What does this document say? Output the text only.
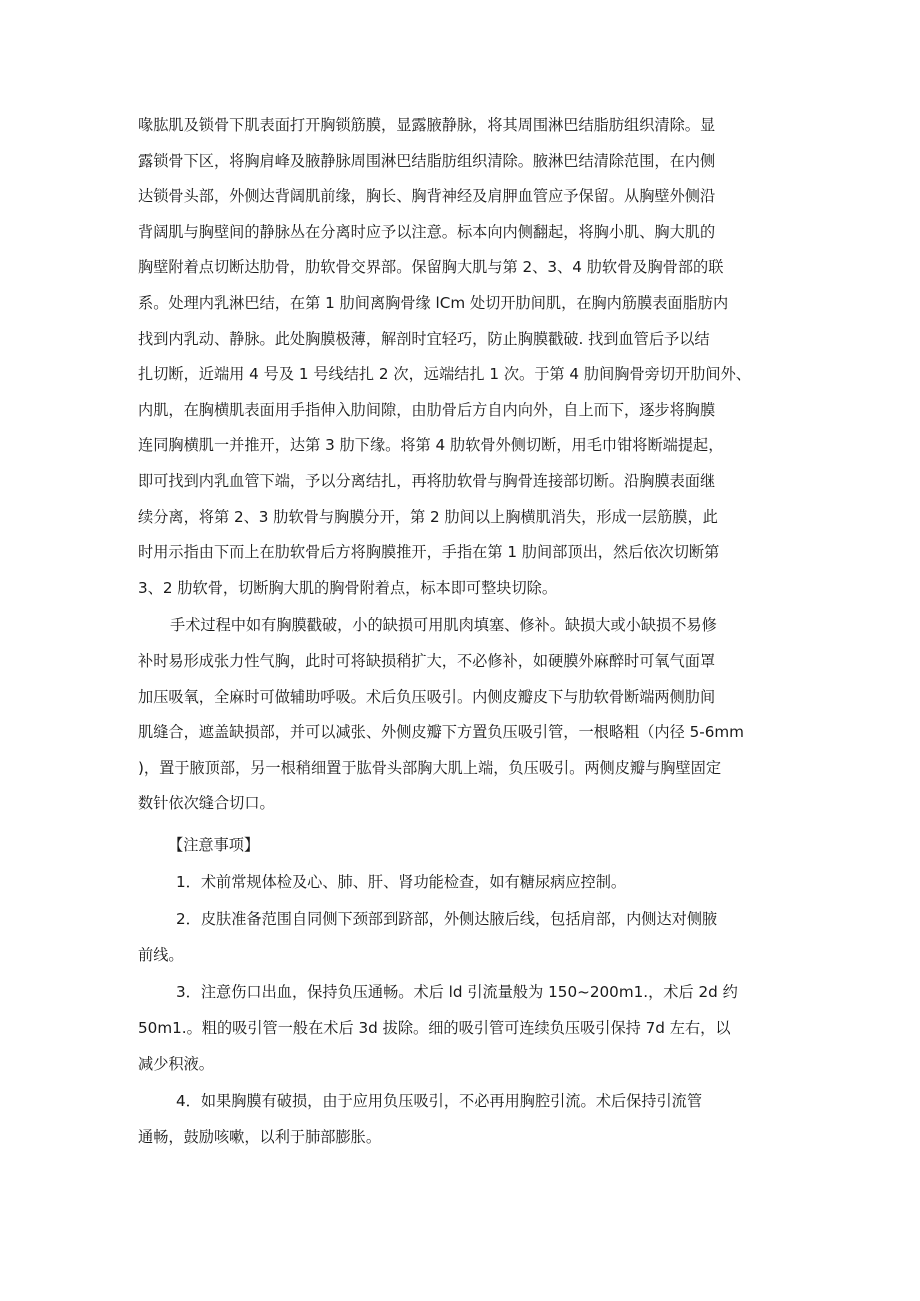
喙肱肌及锁骨下肌表面打开胸锁筋膜，显露腋静脉，将其周围淋巴结脂肪组织清除。显
露锁骨下区，将胸肩峰及腋静脉周围淋巴结脂肪组织清除。腋淋巴结清除范围，在内侧
达锁骨头部，外侧达背阔肌前缘，胸长、胸背神经及肩胛血管应予保留。从胸壁外侧沿
背阔肌与胸壁间的静脉丛在分离时应予以注意。标本向内侧翻起，将胸小肌、胸大肌的
胸壁附着点切断达肋骨，肋软骨交界部。保留胸大肌与第 2、3、4 肋软骨及胸骨部的联
系。处理内乳淋巴结，在第 1 肋间离胸骨缘 lCm 处切开肋间肌，在胸内筋膜表面脂肪内
找到内乳动、静脉。此处胸膜极薄，解剖时宜轻巧，防止胸膜戳破. 找到血管后予以结
扎切断，近端用 4 号及 1 号线结扎 2 次，远端结扎 1 次。于第 4 肋间胸骨旁切开肋间外、
内肌，在胸横肌表面用手指伸入肋间隙，由肋骨后方自内向外，自上而下，逐步将胸膜
连同胸横肌一并推开，达第 3 肋下缘。将第 4 肋软骨外侧切断，用毛巾钳将断端提起，
即可找到内乳血管下端，予以分离结扎，再将肋软骨与胸骨连接部切断。沿胸膜表面继
续分离，将第 2、3 肋软骨与胸膜分开，第 2 肋间以上胸横肌消失，形成一层筋膜，此
时用示指由下而上在肋软骨后方将胸膜推开，手指在第 1 肋间部顶出，然后依次切断第
3、2 肋软骨，切断胸大肌的胸骨附着点，标本即可整块切除。

手术过程中如有胸膜戳破，小的缺损可用肌肉填塞、修补。缺损大或小缺损不易修
补时易形成张力性气胸，此时可将缺损稍扩大，不必修补，如硬膜外麻醉时可氧气面罩
加压吸氧，全麻时可做辅助呼吸。术后负压吸引。内侧皮瓣皮下与肋软骨断端两侧肋间
肌缝合，遮盖缺损部，并可以减张、外侧皮瓣下方置负压吸引管，一根略粗（内径 5-6mm
)，置于腋顶部，另一根稍细置于肱骨头部胸大肌上端，负压吸引。两侧皮瓣与胸壁固定
数针依次缝合切口。

【注意事项】

1．术前常规体检及心、肺、肝、肾功能检查，如有糖尿病应控制。
2．皮肤准备范围自同侧下颈部到跻部，外侧达腋后线，包括肩部，内侧达对侧腋
前线。
3．注意伤口出血，保持负压通畅。术后 ld 引流量般为 150~200m1.，术后 2d 约
50m1.。粗的吸引管一般在术后 3d 拔除。细的吸引管可连续负压吸引保持 7d 左右，以
减少积液。
4．如果胸膜有破损，由于应用负压吸引，不必再用胸腔引流。术后保持引流管
通畅，鼓励咳嗽，以利于肺部膨胀。
